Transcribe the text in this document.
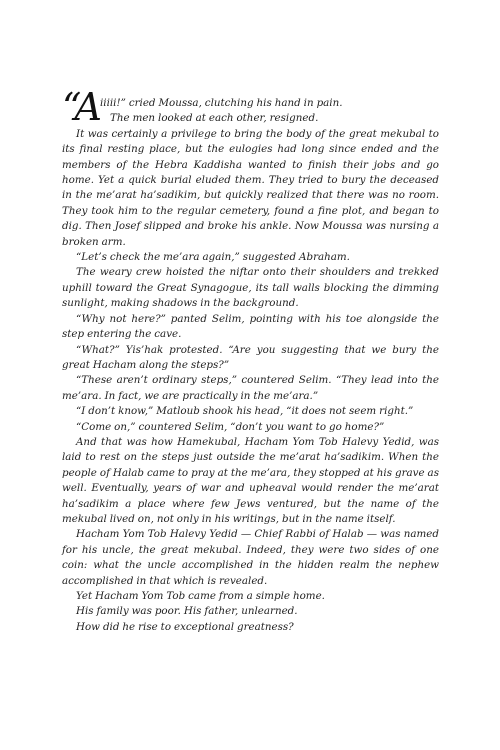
“A iiiii!” cried Moussa, clutching his hand in pain.
The men looked at each other, resigned.

It was certainly a privilege to bring the body of the great mekubal to its final resting place, but the eulogies had long since ended and the members of the Hebra Kaddisha wanted to finish their jobs and go home. Yet a quick burial eluded them. They tried to bury the deceased in the me’arat ha’sadikim, but quickly realized that there was no room. They took him to the regular cemetery, found a fine plot, and began to dig. Then Josef slipped and broke his ankle. Now Moussa was nursing a broken arm.

“Let’s check the me’ara again,” suggested Abraham.

The weary crew hoisted the niftar onto their shoulders and trekked uphill toward the Great Synagogue, its tall walls blocking the dimming sunlight, making shadows in the background.

“Why not here?” panted Selim, pointing with his toe alongside the step entering the cave.

“What?” Yis’hak protested. “Are you suggesting that we bury the great Hacham along the steps?”

“These aren’t ordinary steps,” countered Selim. “They lead into the me’ara. In fact, we are practically in the me’ara.”

“I don’t know,” Matloub shook his head, “it does not seem right.”

“Come on,” countered Selim, “don’t you want to go home?”

And that was how Hamekubal, Hacham Yom Tob Halevy Yedid, was laid to rest on the steps just outside the me’arat ha’sadikim. When the people of Halab came to pray at the me’ara, they stopped at his grave as well. Eventually, years of war and upheaval would render the me’arat ha’sadikim a place where few Jews ventured, but the name of the mekubal lived on, not only in his writings, but in the name itself.

Hacham Yom Tob Halevy Yedid — Chief Rabbi of Halab — was named for his uncle, the great mekubal. Indeed, they were two sides of one coin: what the uncle accomplished in the hidden realm the nephew accomplished in that which is revealed.

Yet Hacham Yom Tob came from a simple home.

His family was poor. His father, unlearned.

How did he rise to exceptional greatness?
